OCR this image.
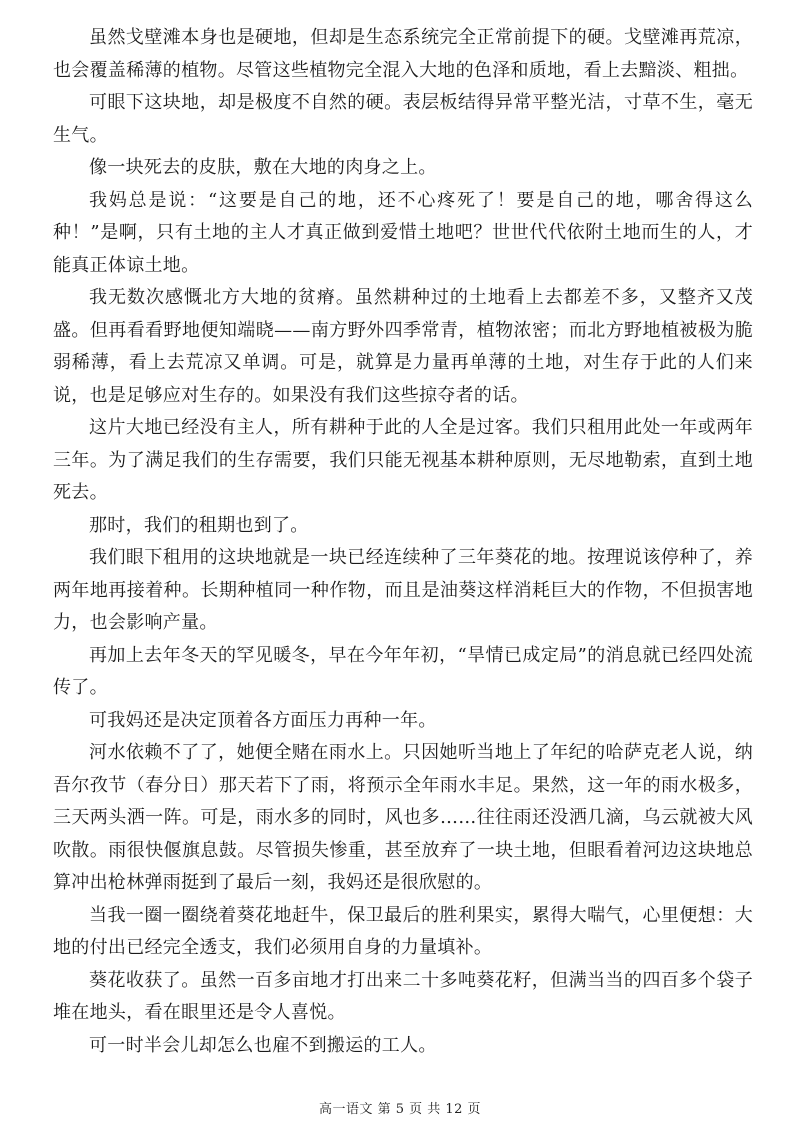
虽然戈壁滩本身也是硬地，但却是生态系统完全正常前提下的硬。戈壁滩再荒凉，也会覆盖稀薄的植物。尽管这些植物完全混入大地的色泽和质地，看上去黯淡、粗拙。

可眼下这块地，却是极度不自然的硬。表层板结得异常平整光洁，寸草不生，毫无生气。

像一块死去的皮肤，敷在大地的肉身之上。

我妈总是说：“这要是自己的地，还不心疼死了！要是自己的地，哪舍得这么种！”是啊，只有土地的主人才真正做到爱惜土地吧？世世代代依附土地而生的人，才能真正体谅土地。

我无数次感慨北方大地的贫瘠。虽然耕种过的土地看上去都差不多，又整齐又茂盛。但再看看野地便知端晓——南方野外四季常青，植物浓密；而北方野地植被极为脆弱稀薄，看上去荒凉又单调。可是，就算是力量再单薄的土地，对生存于此的人们来说，也是足够应对生存的。如果没有我们这些掠夺者的话。

这片大地已经没有主人，所有耕种于此的人全是过客。我们只租用此处一年或两年三年。为了满足我们的生存需要，我们只能无视基本耕种原则，无尽地勒索，直到土地死去。

那时，我们的租期也到了。

我们眼下租用的这块地就是一块已经连续种了三年葵花的地。按理说该停种了，养两年地再接着种。长期种植同一种作物，而且是油葵这样消耗巨大的作物，不但损害地力，也会影响产量。

再加上去年冬天的罕见暖冬，早在今年年初，“旱情已成定局”的消息就已经四处流传了。

可我妈还是决定顶着各方面压力再种一年。

河水依赖不了了，她便全赌在雨水上。只因她听当地上了年纪的哈萨克老人说，纳吾尔孜节（春分日）那天若下了雨，将预示全年雨水丰足。果然，这一年的雨水极多，三天两头洒一阵。可是，雨水多的同时，风也多……往往雨还没洒几滴，乌云就被大风吹散。雨很快偃旗息鼓。尽管损失惨重，甚至放弃了一块土地，但眼看着河边这块地总算冲出枪林弹雨挺到了最后一刻，我妈还是很欣慰的。

当我一圈一圈绕着葵花地赶牛，保卫最后的胜利果实，累得大喘气，心里便想：大地的付出已经完全透支，我们必须用自身的力量填补。

葵花收获了。虽然一百多亩地才打出来二十多吨葵花籽，但满当当的四百多个袋子堆在地头，看在眼里还是令人喜悦。

可一时半会儿却怎么也雇不到搬运的工人。

高一语文 第 5 页 共 12 页
